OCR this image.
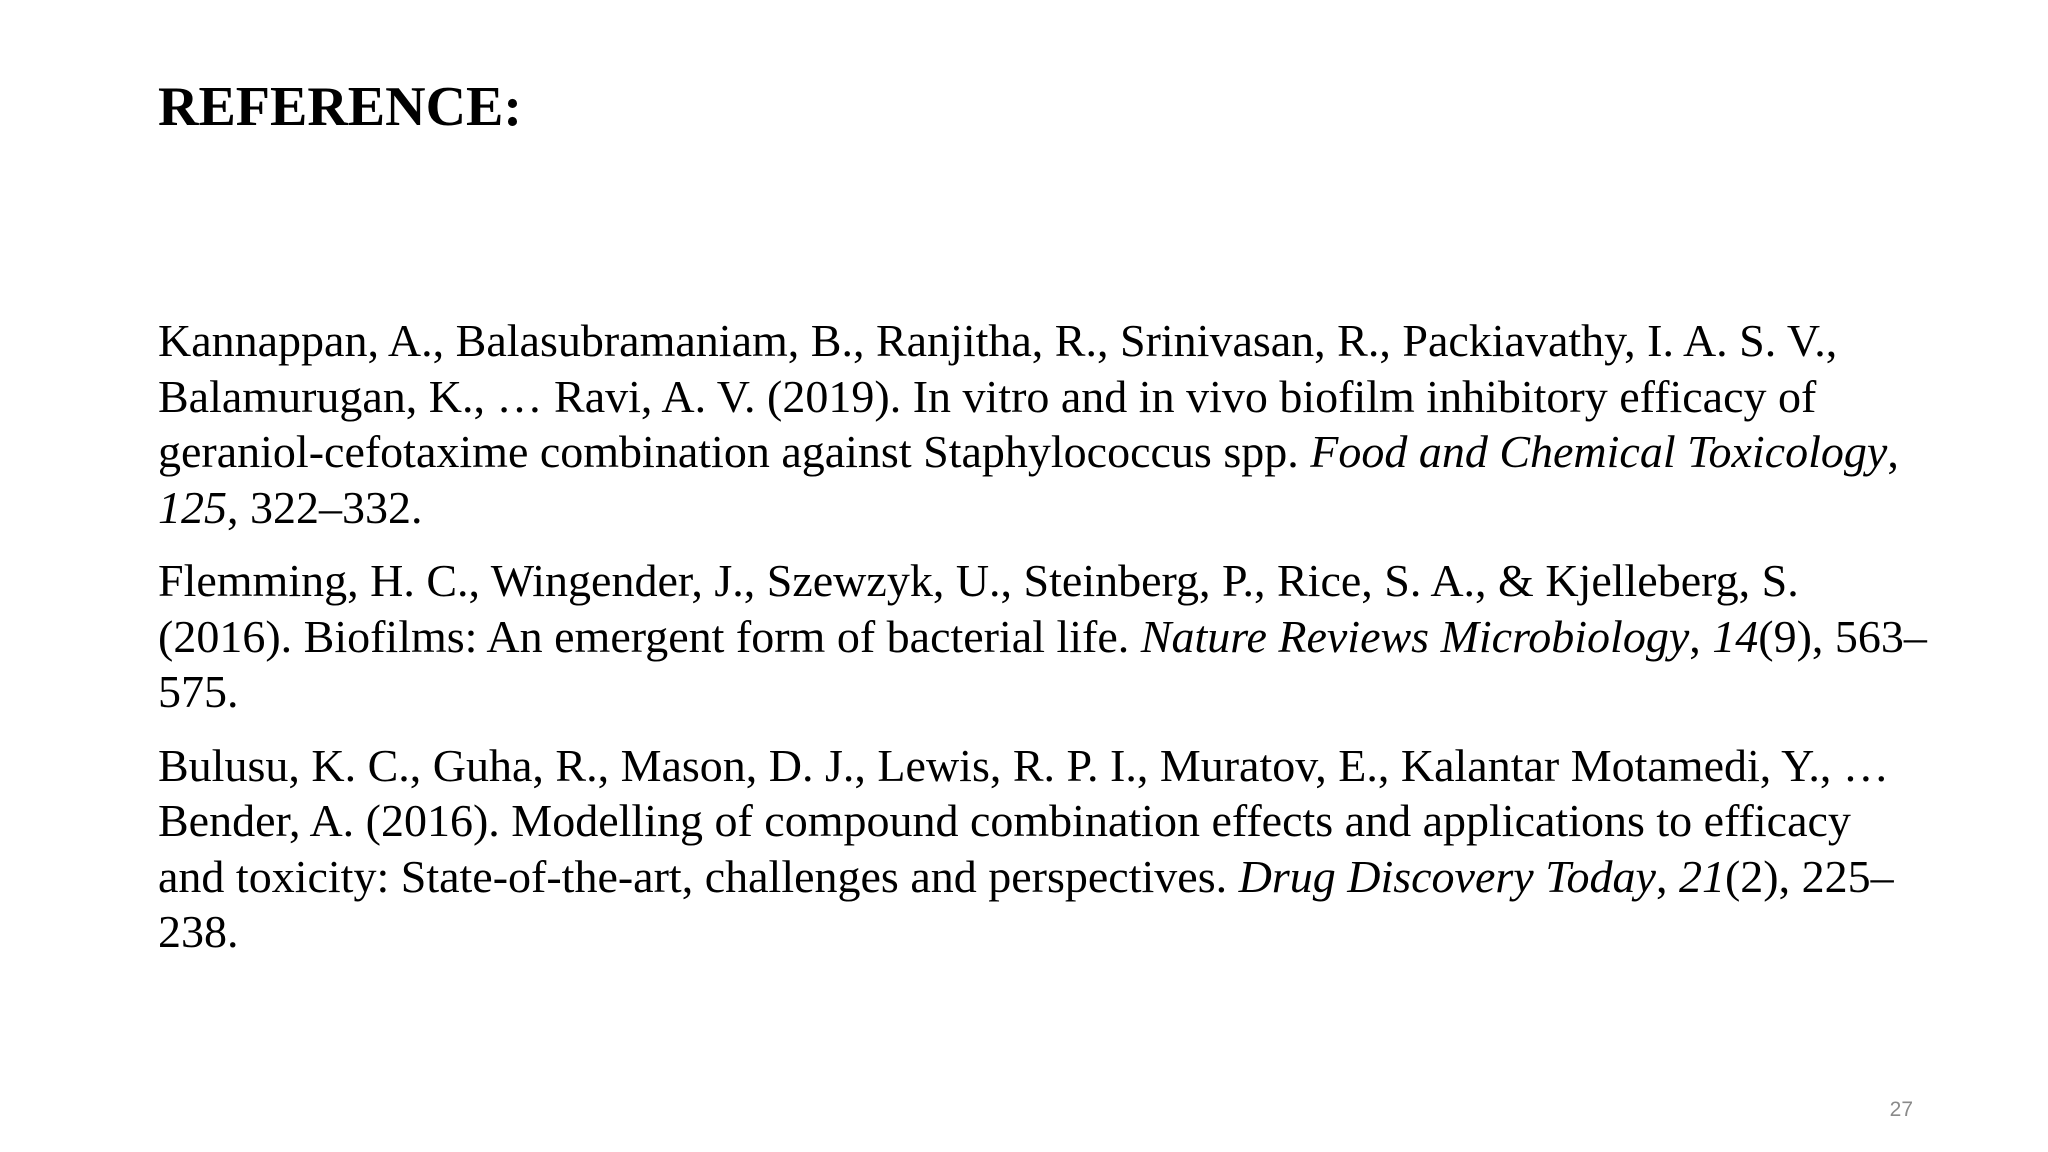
REFERENCE:

Kannappan, A., Balasubramaniam, B., Ranjitha, R., Srinivasan, R., Packiavathy, I. A. S. V., Balamurugan, K., … Ravi, A. V. (2019). In vitro and in vivo biofilm inhibitory efficacy of geraniol-cefotaxime combination against Staphylococcus spp. Food and Chemical Toxicology, 125, 322–332.

Flemming, H. C., Wingender, J., Szewzyk, U., Steinberg, P., Rice, S. A., & Kjelleberg, S. (2016). Biofilms: An emergent form of bacterial life. Nature Reviews Microbiology, 14(9), 563–575.

Bulusu, K. C., Guha, R., Mason, D. J., Lewis, R. P. I., Muratov, E., Kalantar Motamedi, Y., … Bender, A. (2016). Modelling of compound combination effects and applications to efficacy and toxicity: State-of-the-art, challenges and perspectives. Drug Discovery Today, 21(2), 225–238.

27
